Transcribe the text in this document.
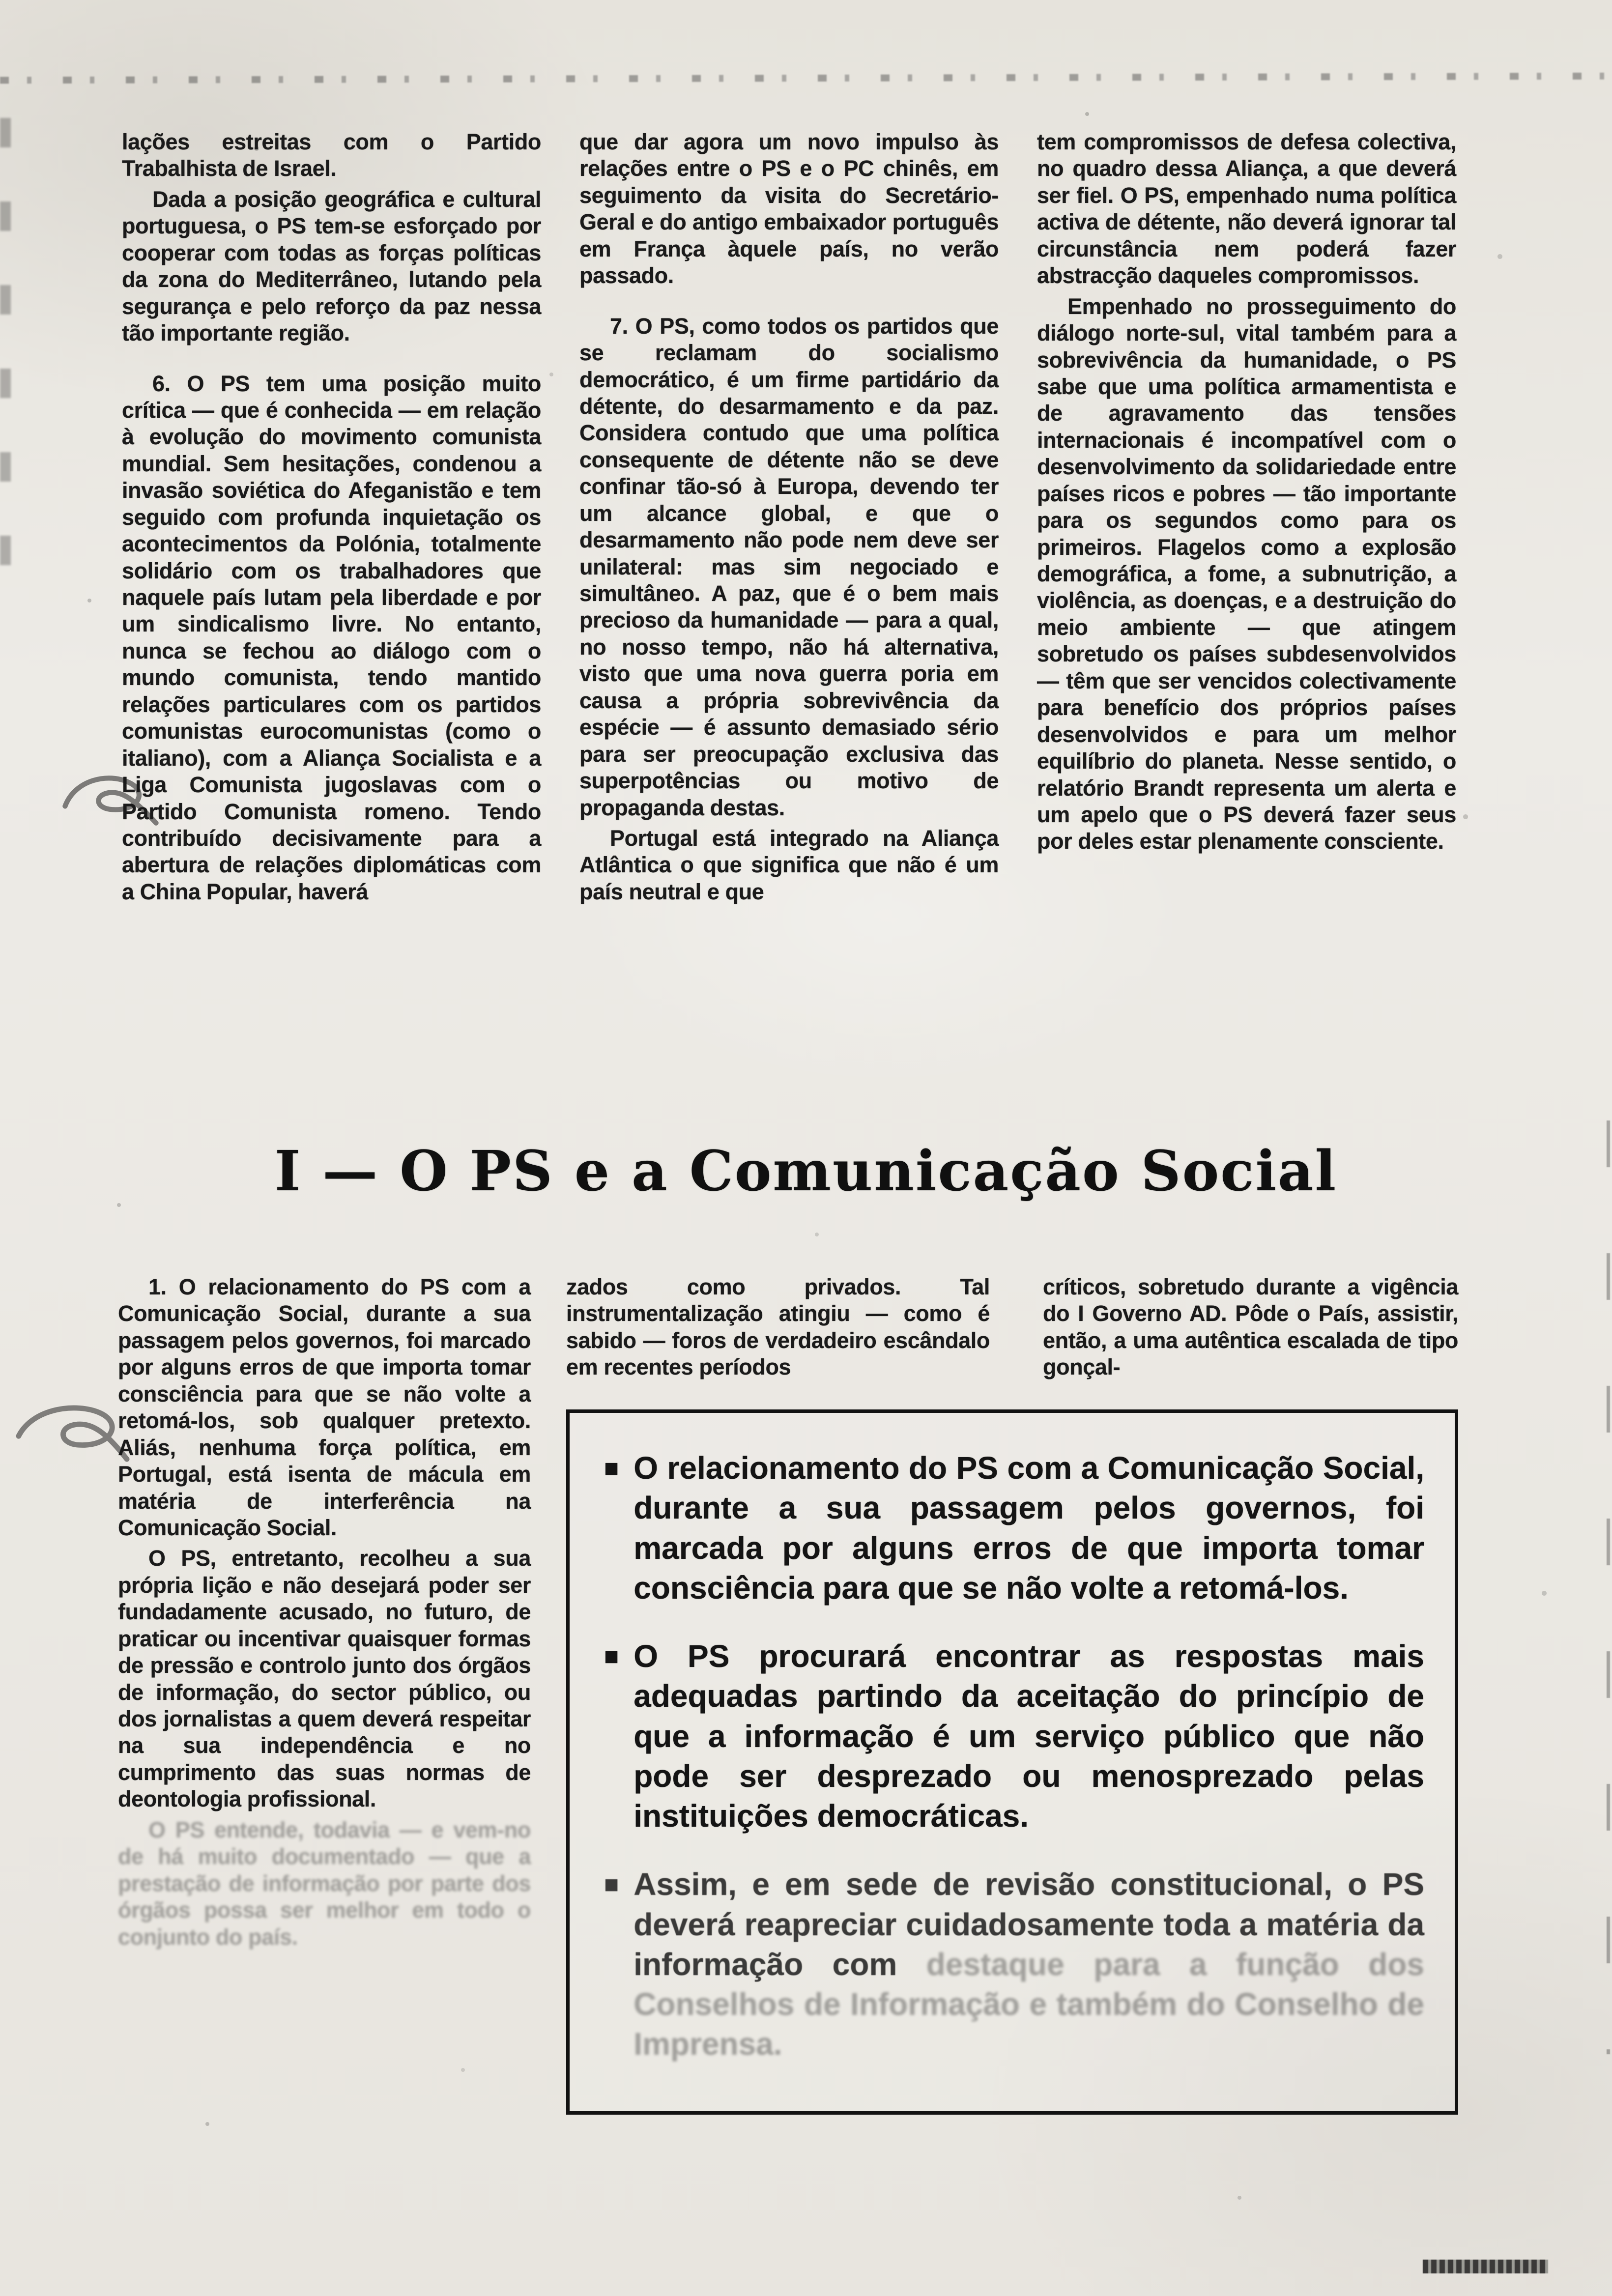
lações estreitas com o Partido Trabalhista de Israel.

Dada a posição geográfica e cultural portuguesa, o PS tem-se esforçado por cooperar com todas as forças políticas da zona do Mediterrâneo, lutando pela segurança e pelo reforço da paz nessa tão importante região.

6. O PS tem uma posição muito crítica — que é conhecida — em relação à evolução do movimento comunista mundial. Sem hesitações, condenou a invasão soviética do Afeganistão e tem seguido com profunda inquietação os acontecimentos da Polónia, totalmente solidário com os trabalhadores que naquele país lutam pela liberdade e por um sindicalismo livre. No entanto, nunca se fechou ao diálogo com o mundo comunista, tendo mantido relações particulares com os partidos comunistas eurocomunistas (como o italiano), com a Aliança Socialista e a Liga Comunista jugoslavas com o Partido Comunista romeno. Tendo contribuído decisivamente para a abertura de relações diplomáticas com a China Popular, haverá

que dar agora um novo impulso às relações entre o PS e o PC chinês, em seguimento da visita do Secretário-Geral e do antigo embaixador português em França àquele país, no verão passado.

7. O PS, como todos os partidos que se reclamam do socialismo democrático, é um firme partidário da détente, do desarmamento e da paz. Considera contudo que uma política consequente de détente não se deve confinar tão-só à Europa, devendo ter um alcance global, e que o desarmamento não pode nem deve ser unilateral: mas sim negociado e simultâneo. A paz, que é o bem mais precioso da humanidade — para a qual, no nosso tempo, não há alternativa, visto que uma nova guerra poria em causa a própria sobrevivência da espécie — é assunto demasiado sério para ser preocupação exclusiva das superpotências ou motivo de propaganda destas.

Portugal está integrado na Aliança Atlântica o que significa que não é um país neutral e que

tem compromissos de defesa colectiva, no quadro dessa Aliança, a que deverá ser fiel. O PS, empenhado numa política activa de détente, não deverá ignorar tal circunstância nem poderá fazer abstracção daqueles compromissos.

Empenhado no prosseguimento do diálogo norte-sul, vital também para a sobrevivência da humanidade, o PS sabe que uma política armamentista e de agravamento das tensões internacionais é incompatível com o desenvolvimento da solidariedade entre países ricos e pobres — tão importante para os segundos como para os primeiros. Flagelos como a explosão demográfica, a fome, a subnutrição, a violência, as doenças, e a destruição do meio ambiente — que atingem sobretudo os países subdesenvolvidos — têm que ser vencidos colectivamente para benefício dos próprios países desenvolvidos e para um melhor equilíbrio do planeta. Nesse sentido, o relatório Brandt representa um alerta e um apelo que o PS deverá fazer seus por deles estar plenamente consciente.

I — O PS e a Comunicação Social

1. O relacionamento do PS com a Comunicação Social, durante a sua passagem pelos governos, foi marcado por alguns erros de que importa tomar consciência para que se não volte a retomá-los, sob qualquer pretexto. Aliás, nenhuma força política, em Portugal, está isenta de mácula em matéria de interferência na Comunicação Social.

O PS, entretanto, recolheu a sua própria lição e não desejará poder ser fundadamente acusado, no futuro, de praticar ou incentivar quaisquer formas de pressão e controlo junto dos órgãos de informação, do sector público, ou dos jornalistas a quem deverá respeitar na sua independência e no cumprimento das suas normas de deontologia profissional.

O PS entende, todavia — e vem-no de há muito documentado — que a prestação de informação por parte dos órgãos possa ser melhor em todo o conjunto do país.

zados como privados. Tal instrumentalização atingiu — como é sabido — foros de verdadeiro escândalo em recentes períodos

críticos, sobretudo durante a vigência do I Governo AD. Pôde o País, assistir, então, a uma autêntica escalada de tipo gonçal-

■ O relacionamento do PS com a Comunicação Social, durante a sua passagem pelos governos, foi marcada por alguns erros de que importa tomar consciência para que se não volte a retomá-los.
■ O PS procurará encontrar as respostas mais adequadas partindo da aceitação do princípio de que a informação é um serviço público que não pode ser desprezado ou menosprezado pelas instituições democráticas.
■ Assim, e em sede de revisão constitucional, o PS deverá reapreciar cuidadosamente toda a matéria da informação com destaque para a função dos Conselhos de Informação e também do Conselho de Imprensa.
